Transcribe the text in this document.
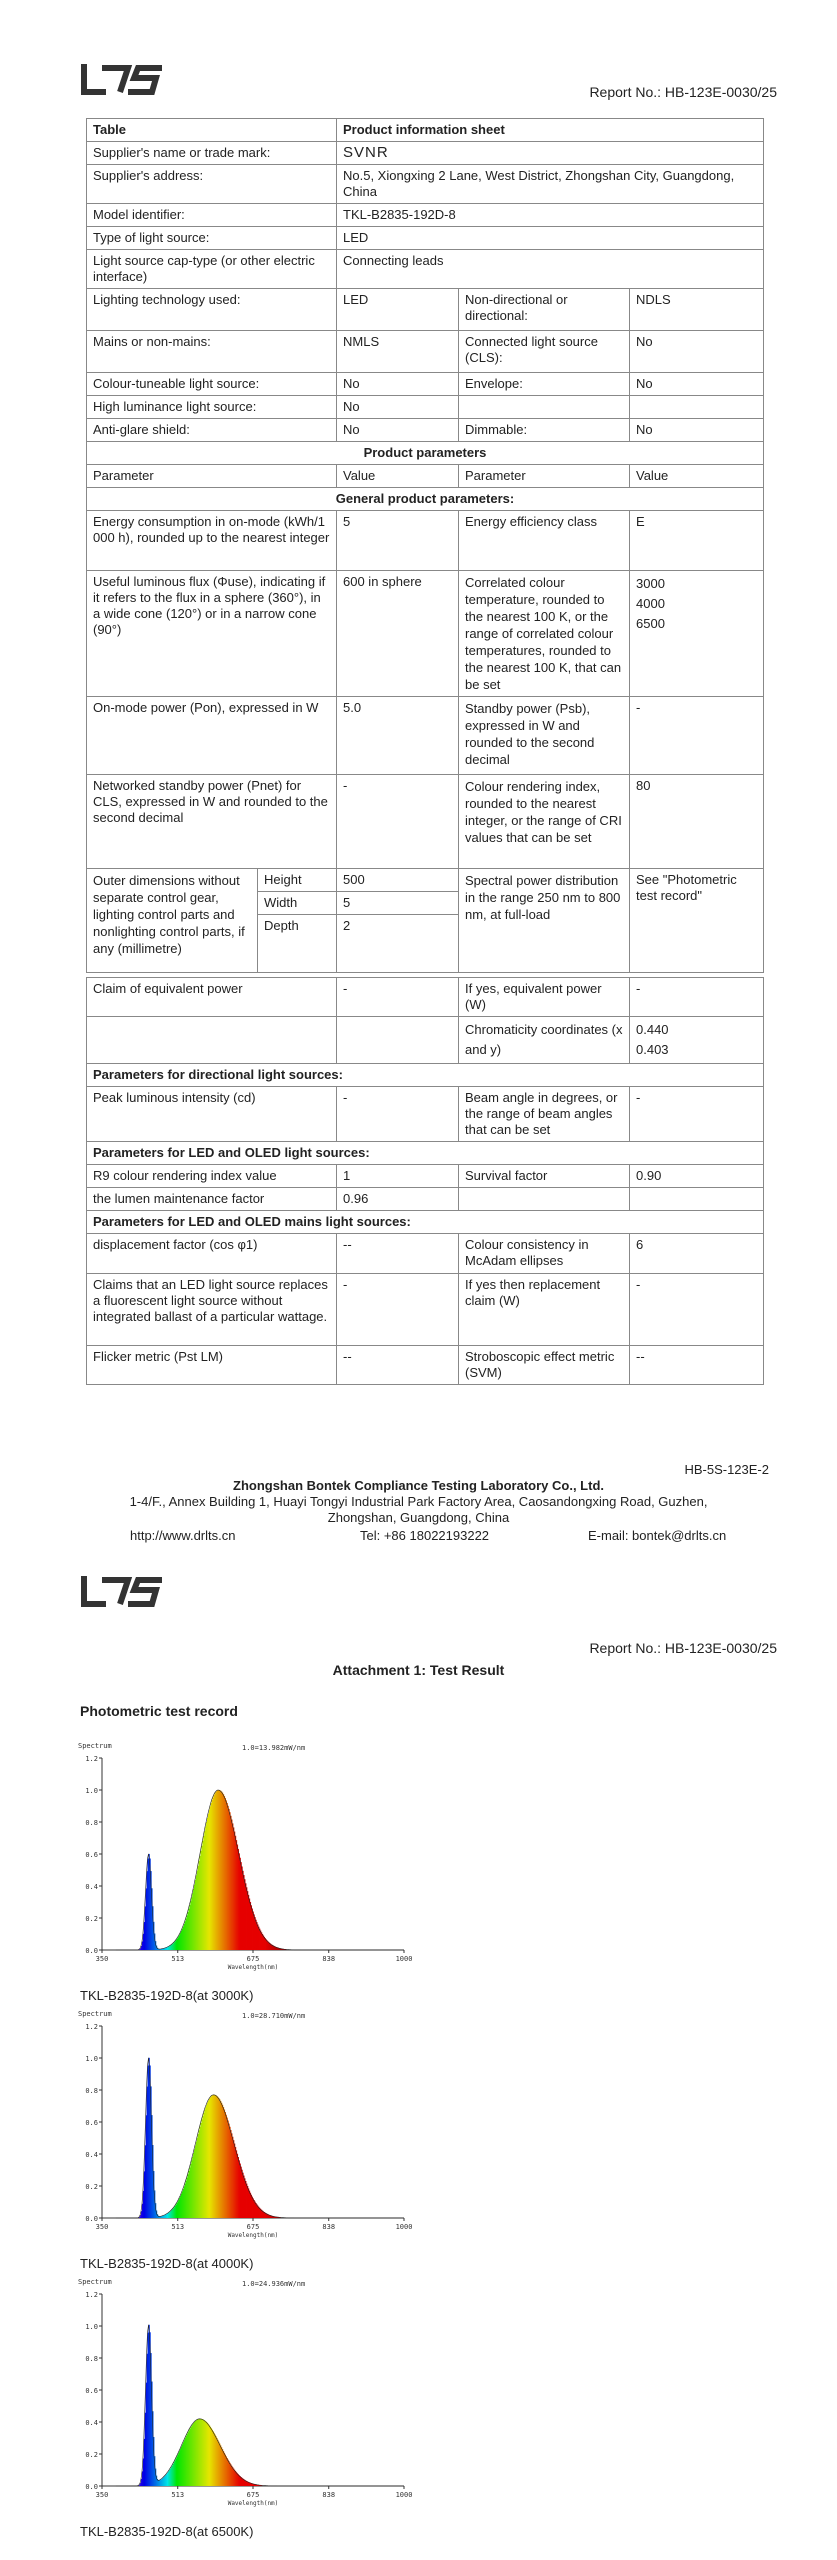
Report No.: HB-123E-0030/25
Table		Product information sheet		
Supplier's name or trade mark:		SVNR		
Supplier's address:		No.5, Xiongxing 2 Lane, West District, Zhongshan City, Guangdong, China		
Model identifier:		TKL-B2835-192D-8		
Type of light source:		LED		
Light source cap-type (or other electric interface)		Connecting leads		
Lighting technology used:		LED	Non-directional or directional:	NDLS
Mains or non-mains:		NMLS	Connected light source (CLS):	No
Colour-tuneable light source:		No	Envelope:	No
High luminance light source:		No		
Anti-glare shield:		No	Dimmable:	No
Product parameters				
Parameter		Value	Parameter	Value
General product parameters:				
Energy consumption in on-mode (kWh/1 000 h), rounded up to the nearest integer		5	Energy efficiency class	E
Useful luminous flux (Φuse), indicating if it refers to the flux in a sphere (360°), in a wide cone (120°) or in a narrow cone (90°)		600 in sphere	Correlated colour temperature, rounded to the nearest 100 K, or the range of correlated colour temperatures, rounded to the nearest 100 K, that can be set	3000
4000
6500

On-mode power (Pon), expressed in W		5.0	Standby power (Psb), expressed in W and rounded to the second decimal	-
Networked standby power (Pnet) for CLS, expressed in W and rounded to the second decimal		-	Colour rendering index, rounded to the nearest integer, or the range of CRI values that can be set	80
Outer dimensions without separate control gear, lighting control parts and nonlighting control parts, if any (millimetre)	Height	500	Spectral power distribution in the range 250 nm to 800 nm, at full-load	See "Photometric test record"
	Width	5		
	Depth	2		

Claim of equivalent power		-	If yes, equivalent power (W)	-
			Chromaticity coordinates (x and y)	0.440
0.403

Parameters for directional light sources:				
Peak luminous intensity (cd)		-	Beam angle in degrees, or the range of beam angles that can be set	-
Parameters for LED and OLED light sources:				
R9 colour rendering index value		1	Survival factor	0.90
the lumen maintenance factor		0.96		
Parameters for LED and OLED mains light sources:				
displacement factor (cos φ1)		--	Colour consistency in McAdam ellipses	6
Claims that an LED light source replaces a fluorescent light source without integrated ballast of a particular wattage.		-	If yes then replacement claim (W)	-
Flicker metric (Pst LM)		--	Stroboscopic effect metric (SVM)	--
HB-5S-123E-2
Zhongshan Bontek Compliance Testing Laboratory Co., Ltd.
1-4/F., Annex Building 1, Huayi Tongyi Industrial Park Factory Area, Caosandongxing Road, Guzhen,
Zhongshan, Guangdong, China
http://www.drlts.cn	Tel: +86 18022193222	E-mail: bontek@drlts.cn
Report No.: HB-123E-0030/25
Attachment 1: Test Result
Photometric test record
0.0
0.2
0.4
0.6
0.8
1.0
1.2
350	513	675	838	1000
1.0=13.982mW/nm
Spectrum
Wavelength(nm)
TKL-B2835-192D-8(at 3000K)
0.0
0.2
0.4
0.6
0.8
1.0
1.2
350	513	675	838	1000
1.0=28.710mW/nm
Spectrum
Wavelength(nm)
TKL-B2835-192D-8(at 4000K)
0.0
0.2
0.4
0.6
0.8
1.0
1.2
350	513	675	838	1000
1.0=24.936mW/nm
Spectrum
Wavelength(nm)
TKL-B2835-192D-8(at 6500K)
